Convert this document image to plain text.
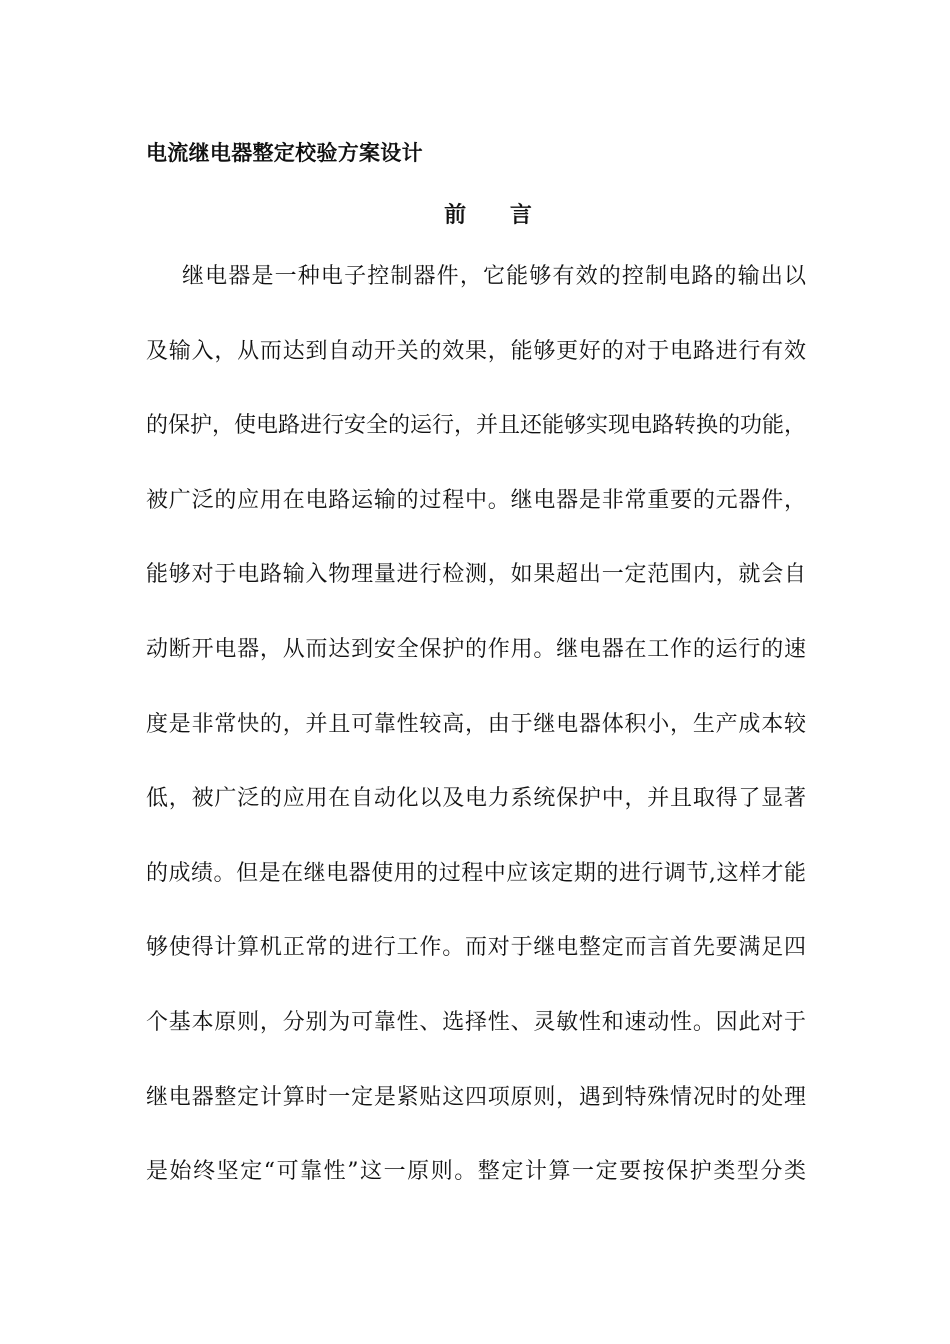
电流继电器整定校验方案设计
前 言
继电器是一种电子控制器件，它能够有效的控制电路的输出以
及输入，从而达到自动开关的效果，能够更好的对于电路进行有效
的保护，使电路进行安全的运行，并且还能够实现电路转换的功能，
被广泛的应用在电路运输的过程中。继电器是非常重要的元器件，
能够对于电路输入物理量进行检测，如果超出一定范围内，就会自
动断开电器，从而达到安全保护的作用。继电器在工作的运行的速
度是非常快的，并且可靠性较高，由于继电器体积小，生产成本较
低，被广泛的应用在自动化以及电力系统保护中，并且取得了显著
的成绩。但是在继电器使用的过程中应该定期的进行调节,这样才能
够使得计算机正常的进行工作。而对于继电整定而言首先要满足四
个基本原则，分别为可靠性、选择性、灵敏性和速动性。因此对于
继电器整定计算时一定是紧贴这四项原则，遇到特殊情况时的处理
是始终坚定“可靠性”这一原则。整定计算一定要按保护类型分类
